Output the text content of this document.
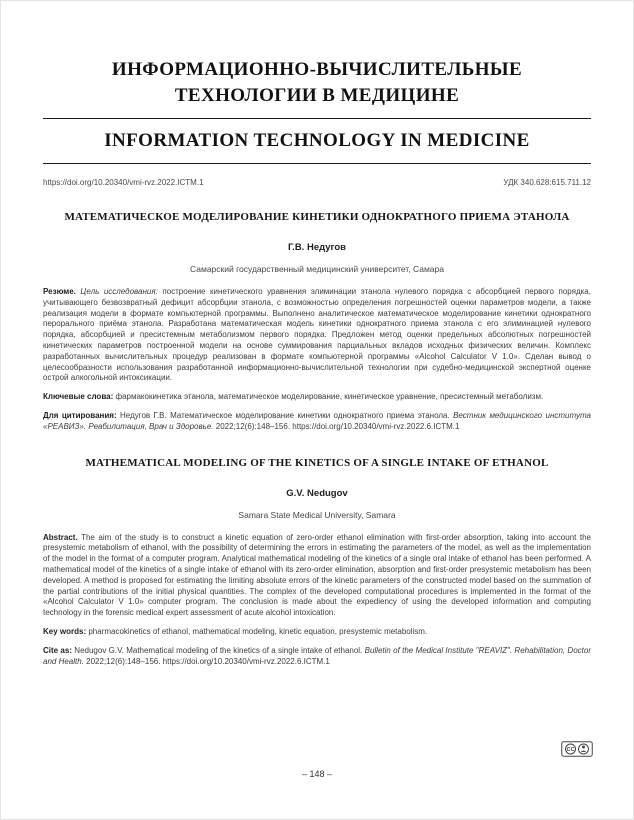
ИНФОРМАЦИОННО-ВЫЧИСЛИТЕЛЬНЫЕ
ТЕХНОЛОГИИ В МЕДИЦИНЕ
INFORMATION TECHNOLOGY IN MEDICINE
https://doi.org/10.20340/vmi-rvz.2022.ICTM.1	УДК 340.628:615.711.12
МАТЕМАТИЧЕСКОЕ МОДЕЛИРОВАНИЕ КИНЕТИКИ ОДНОКРАТНОГО ПРИЕМА ЭТАНОЛА
Г.В. Недугов
Самарский государственный медицинский университет, Самара

Резюме. Цель исследования: построение кинетического уравнения элиминации этанола нулевого порядка с абсорбцией первого порядка, учитывающего безвозвратный дефицит абсорбции этанола, с возможностью определения погрешностей оценки параметров модели, а также реализация модели в формате компьютерной программы. Выполнено аналитическое математическое моделирование кинетики однократного перорального приёма этанола. Разработана математическая модель кинетики однократного приема этанола с его элиминацией нулевого порядка, абсорбцией и пресистемным метаболизмом первого порядка. Предложен метод оценки предельных абсолютных погрешностей кинетических параметров построенной модели на основе суммирования парциальных вкладов исходных физических величин. Комплекс разработанных вычислительных процедур реализован в формате компьютерной программы «Alcohol Calculator V 1.0». Сделан вывод о целесообразности использования разработанной информационно-вычислительной технологии при судебно-медицинской экспертной оценке острой алкогольной интоксикации.

Ключевые слова: фармакокинетика этанола, математическое моделирование, кинетическое уравнение, пресистемный метаболизм.

Для цитирования: Недугов Г.В. Математическое моделирование кинетики однократного приема этанола. Вестник медицинского института «РЕАВИЗ». Реабилитация, Врач и Здоровье. 2022;12(6):148–156. https://doi.org/10.20340/vmi-rvz.2022.6.ICTM.1

MATHEMATICAL MODELING OF THE KINETICS OF A SINGLE INTAKE OF ETHANOL
G.V. Nedugov
Samara State Medical University, Samara

Abstract. The aim of the study is to construct a kinetic equation of zero-order ethanol elimination with first-order absorption, taking into account the presystemic metabolism of ethanol, with the possibility of determining the errors in estimating the parameters of the model, as well as the implementation of the model in the format of a computer program. Analytical mathematical modeling of the kinetics of a single oral intake of ethanol has been performed. A mathematical model of the kinetics of a single intake of ethanol with its zero-order elimination, absorption and first-order presystemic metabolism has been developed. A method is proposed for estimating the limiting absolute errors of the kinetic parameters of the constructed model based on the summation of the partial contributions of the initial physical quantities. The complex of the developed computational procedures is implemented in the format of the «Alcohol Calculator V 1.0» computer program. The conclusion is made about the expediency of using the developed information and computing technology in the forensic medical expert assessment of acute alcohol intoxication.

Key words: pharmacokinetics of ethanol, mathematical modeling, kinetic equation, presystemic metabolism.

Cite as: Nedugov G.V. Mathematical modeling of the kinetics of a single intake of ethanol. Bulletin of the Medical Institute "REAVIZ". Rehabilitation, Doctor and Health. 2022;12(6):148–156. https://doi.org/10.20340/vmi-rvz.2022.6.ICTM.1

CC
– 148 –
